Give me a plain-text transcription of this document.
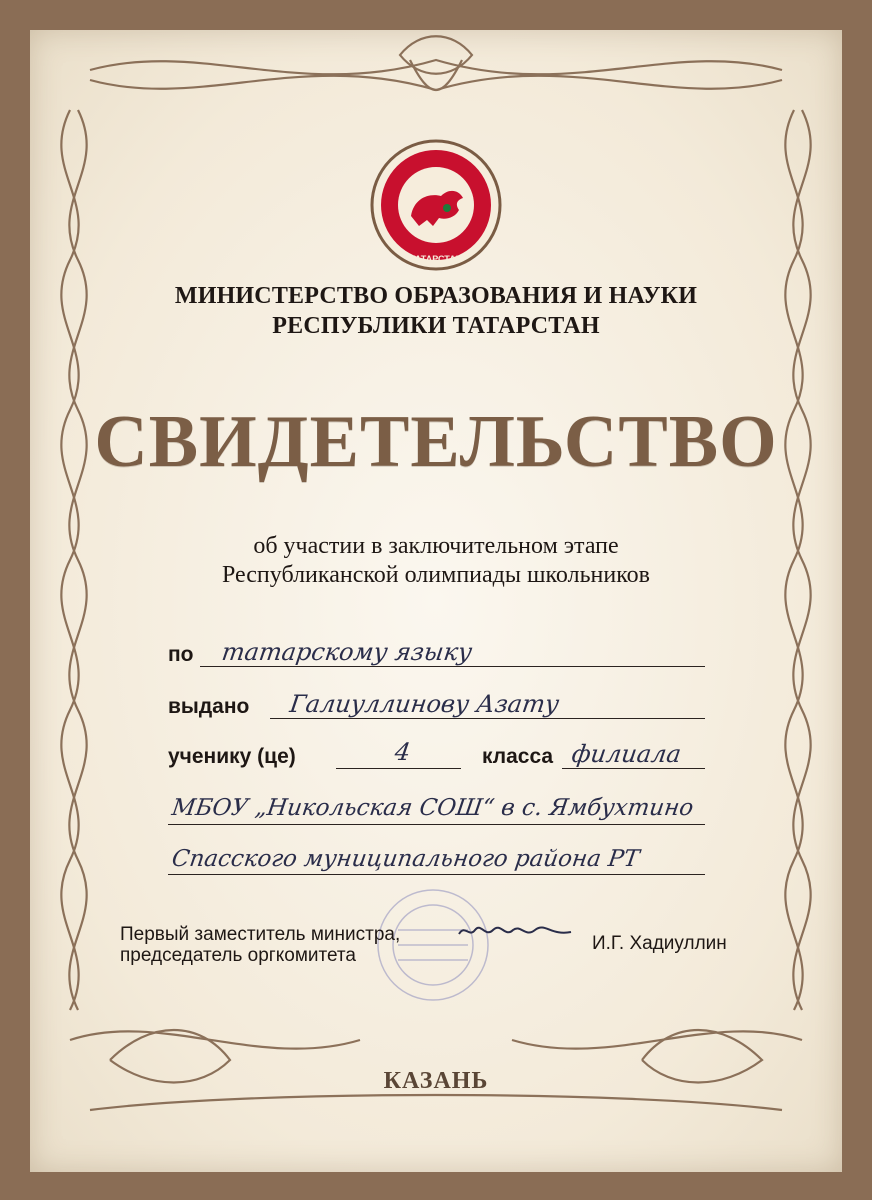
ТАТАРСТАН
МИНИСТЕРСТВО ОБРАЗОВАНИЯ И НАУКИ
РЕСПУБЛИКИ ТАТАРСТАН
СВИДЕТЕЛЬСТВО
об участии в заключительном этапе
Республиканской олимпиады школьников
по татарскому языку
выдано Галиуллинову Азату
ученику (це)	4	класса филиала
МБОУ „Никольская СОШ“ в с. Ямбухтино
Спасского муниципального района РТ
Первый заместитель министра,
председатель оргкомитета
И.Г. Хадиуллин
КАЗАНЬ
